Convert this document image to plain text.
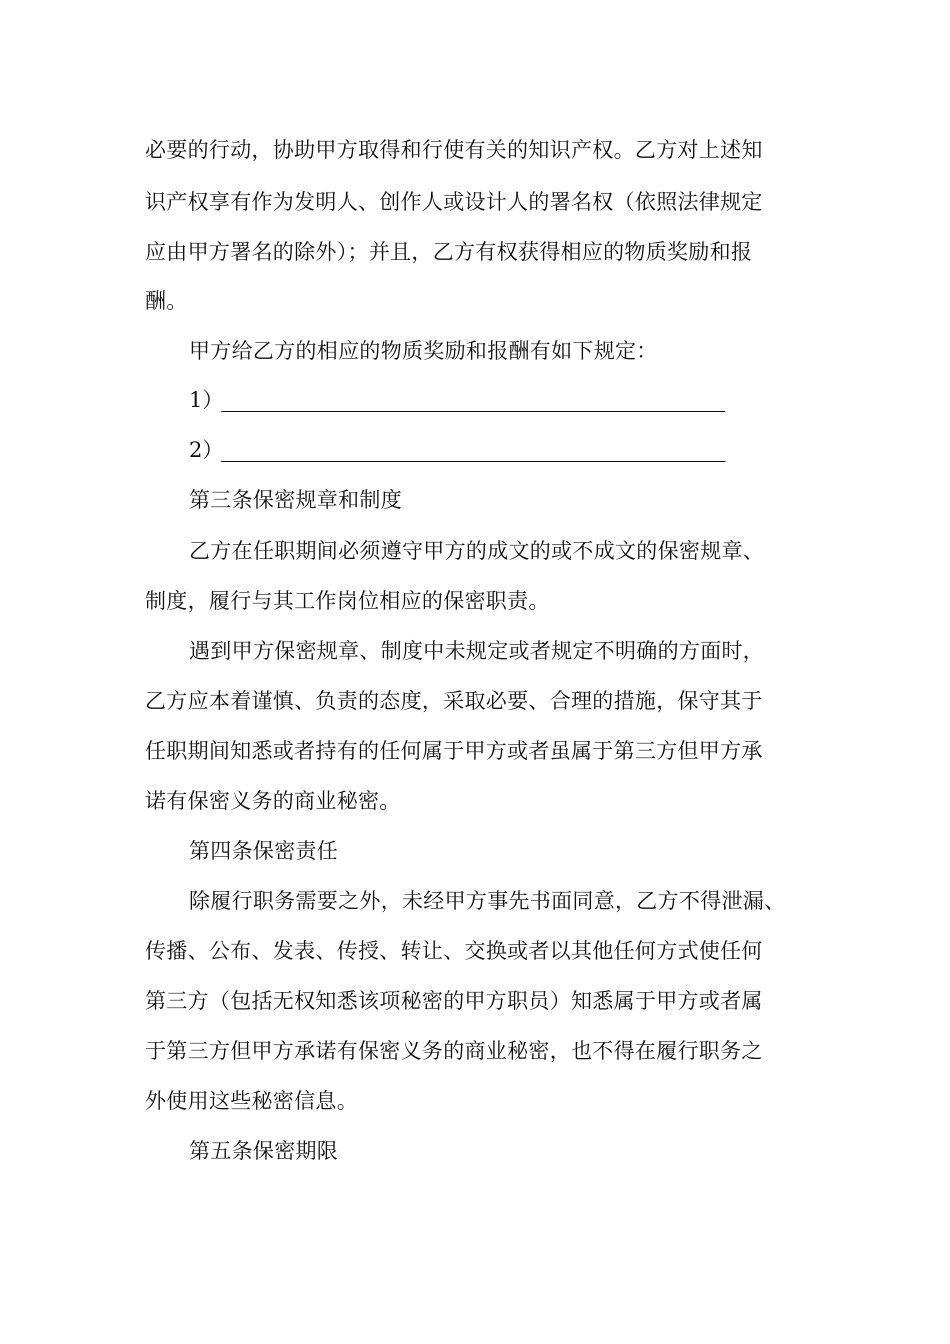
必要的行动，协助甲方取得和行使有关的知识产权。乙方对上述知
识产权享有作为发明人、创作人或设计人的署名权（依照法律规定
应由甲方署名的除外）；并且，乙方有权获得相应的物质奖励和报
酬。
甲方给乙方的相应的物质奖励和报酬有如下规定：
1）
2）
第三条保密规章和制度
乙方在任职期间必须遵守甲方的成文的或不成文的保密规章、
制度，履行与其工作岗位相应的保密职责。
遇到甲方保密规章、制度中未规定或者规定不明确的方面时，
乙方应本着谨慎、负责的态度，采取必要、合理的措施，保守其于
任职期间知悉或者持有的任何属于甲方或者虽属于第三方但甲方承
诺有保密义务的商业秘密。
第四条保密责任
除履行职务需要之外，未经甲方事先书面同意，乙方不得泄漏、
传播、公布、发表、传授、转让、交换或者以其他任何方式使任何
第三方（包括无权知悉该项秘密的甲方职员）知悉属于甲方或者属
于第三方但甲方承诺有保密义务的商业秘密，也不得在履行职务之
外使用这些秘密信息。
第五条保密期限
